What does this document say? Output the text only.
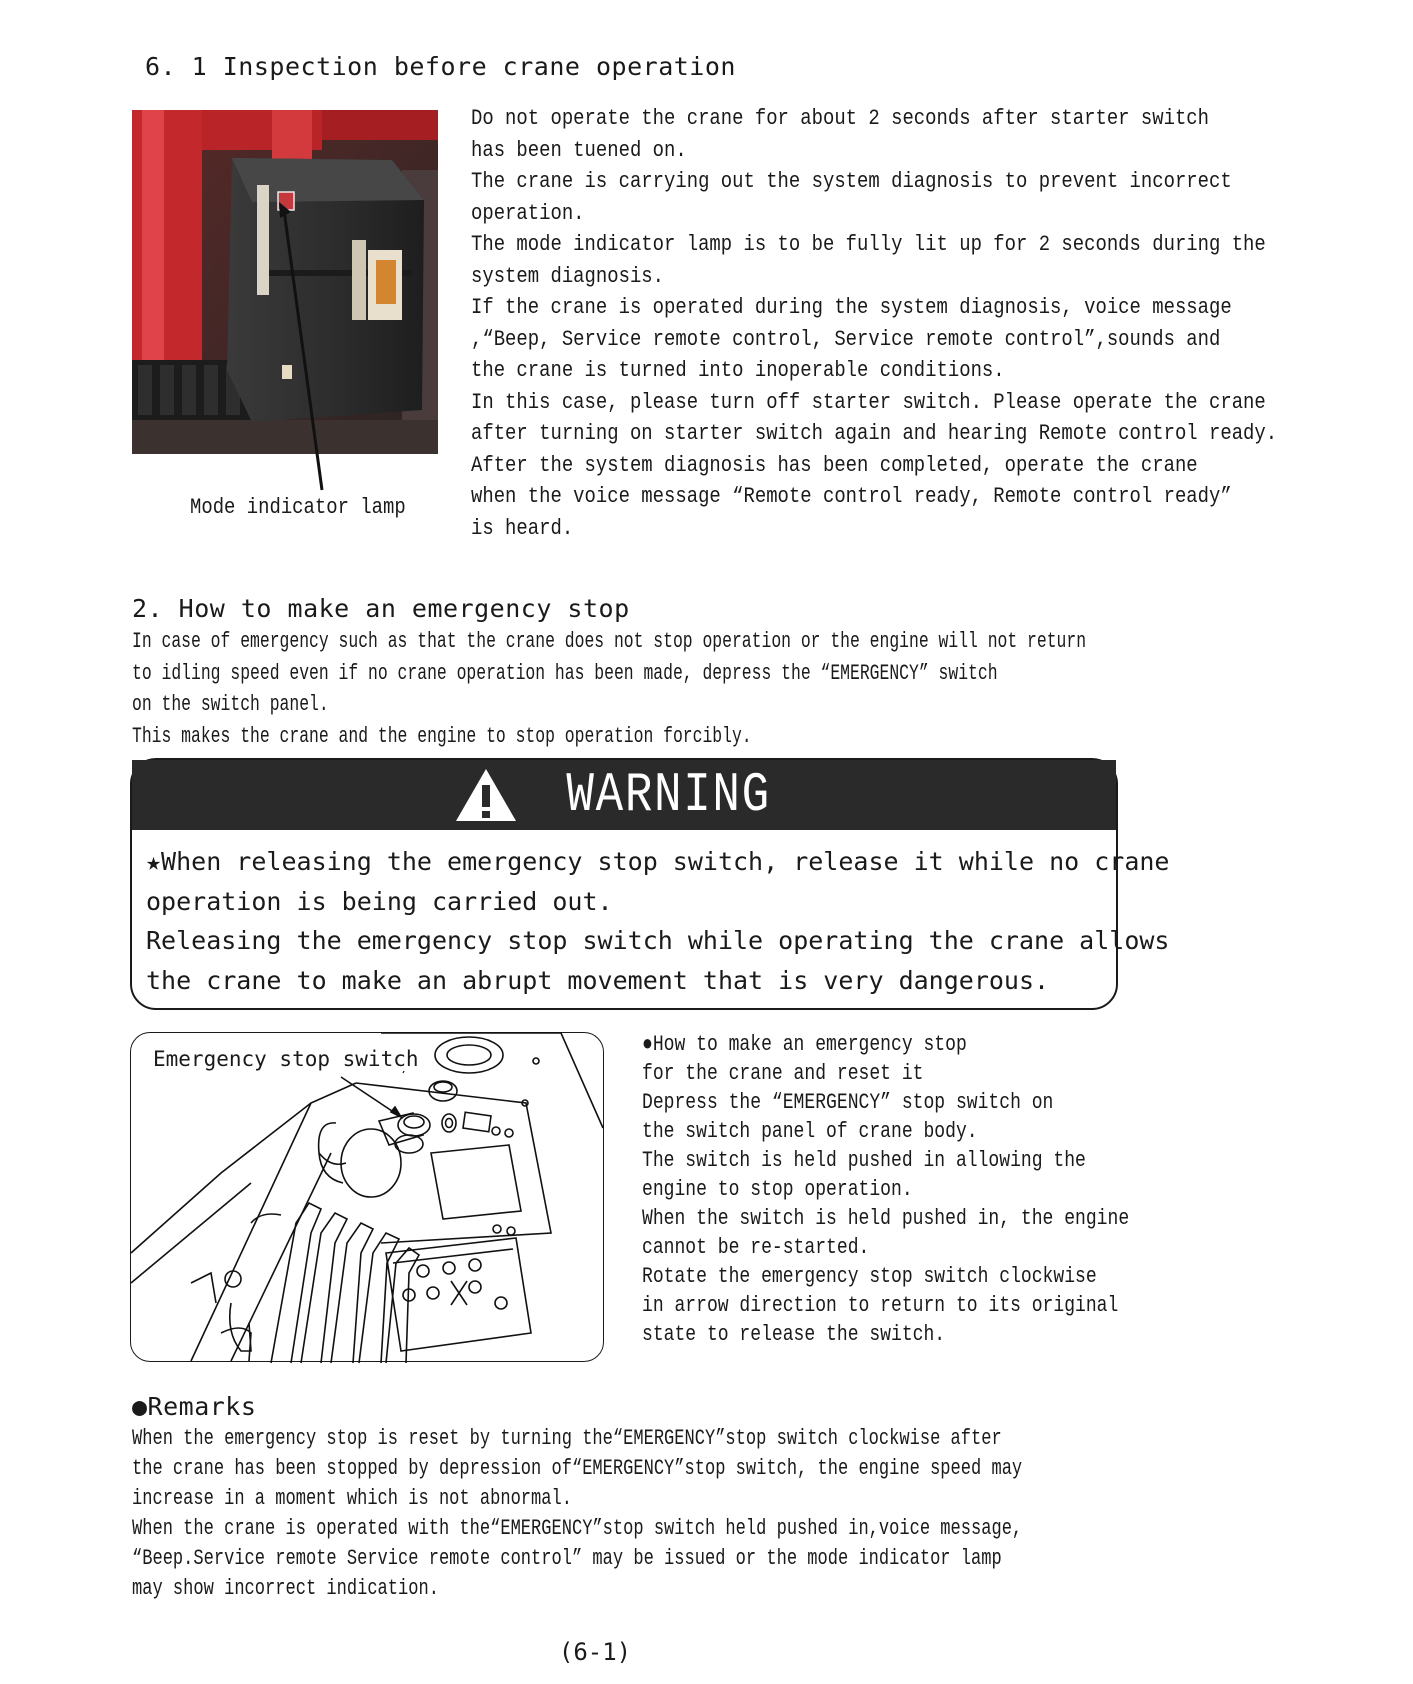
6. 1 Inspection before crane operation
Mode indicator lamp
Do not operate the crane for about 2 seconds after starter switch
has been tuened on.
The crane is carrying out the system diagnosis to prevent incorrect
operation.
The mode indicator lamp is to be fully lit up for 2 seconds during the
system diagnosis.
If the crane is operated during the system diagnosis, voice message
,“Beep, Service remote control, Service remote control”,sounds and
the crane is turned into inoperable conditions.
In this case, please turn off starter switch. Please operate the crane
after turning on starter switch again and hearing Remote control ready.
After the system diagnosis has been completed, operate the crane
when the voice message “Remote control ready, Remote control ready”
is heard.
2. How to make an emergency stop
In case of emergency such as that the crane does not stop operation or the engine will not return
to idling speed even if no crane operation has been made, depress the “EMERGENCY” switch
on the switch panel.
This makes the crane and the engine to stop operation forcibly.
WARNING
★When releasing the emergency stop switch, release it while no crane
operation is being carried out.
Releasing the emergency stop switch while operating the crane allows
the crane to make an abrupt movement that is very dangerous.
Emergency stop switch
●How to make an emergency stop
for the crane and reset it
Depress the “EMERGENCY” stop switch on
the switch panel of crane body.
The switch is held pushed in allowing the
engine to stop operation.
When the switch is held pushed in, the engine
cannot be re-started.
Rotate the emergency stop switch clockwise
in arrow direction to return to its original
state to release the switch.
●Remarks
When the emergency stop is reset by turning the“EMERGENCY”stop switch clockwise after
the crane has been stopped by depression of“EMERGENCY”stop switch, the engine speed may
increase in a moment which is not abnormal.
When the crane is operated with the“EMERGENCY”stop switch held pushed in,voice message,
“Beep.Service remote Service remote control” may be issued or the mode indicator lamp
may show incorrect indication.
(6-1)
